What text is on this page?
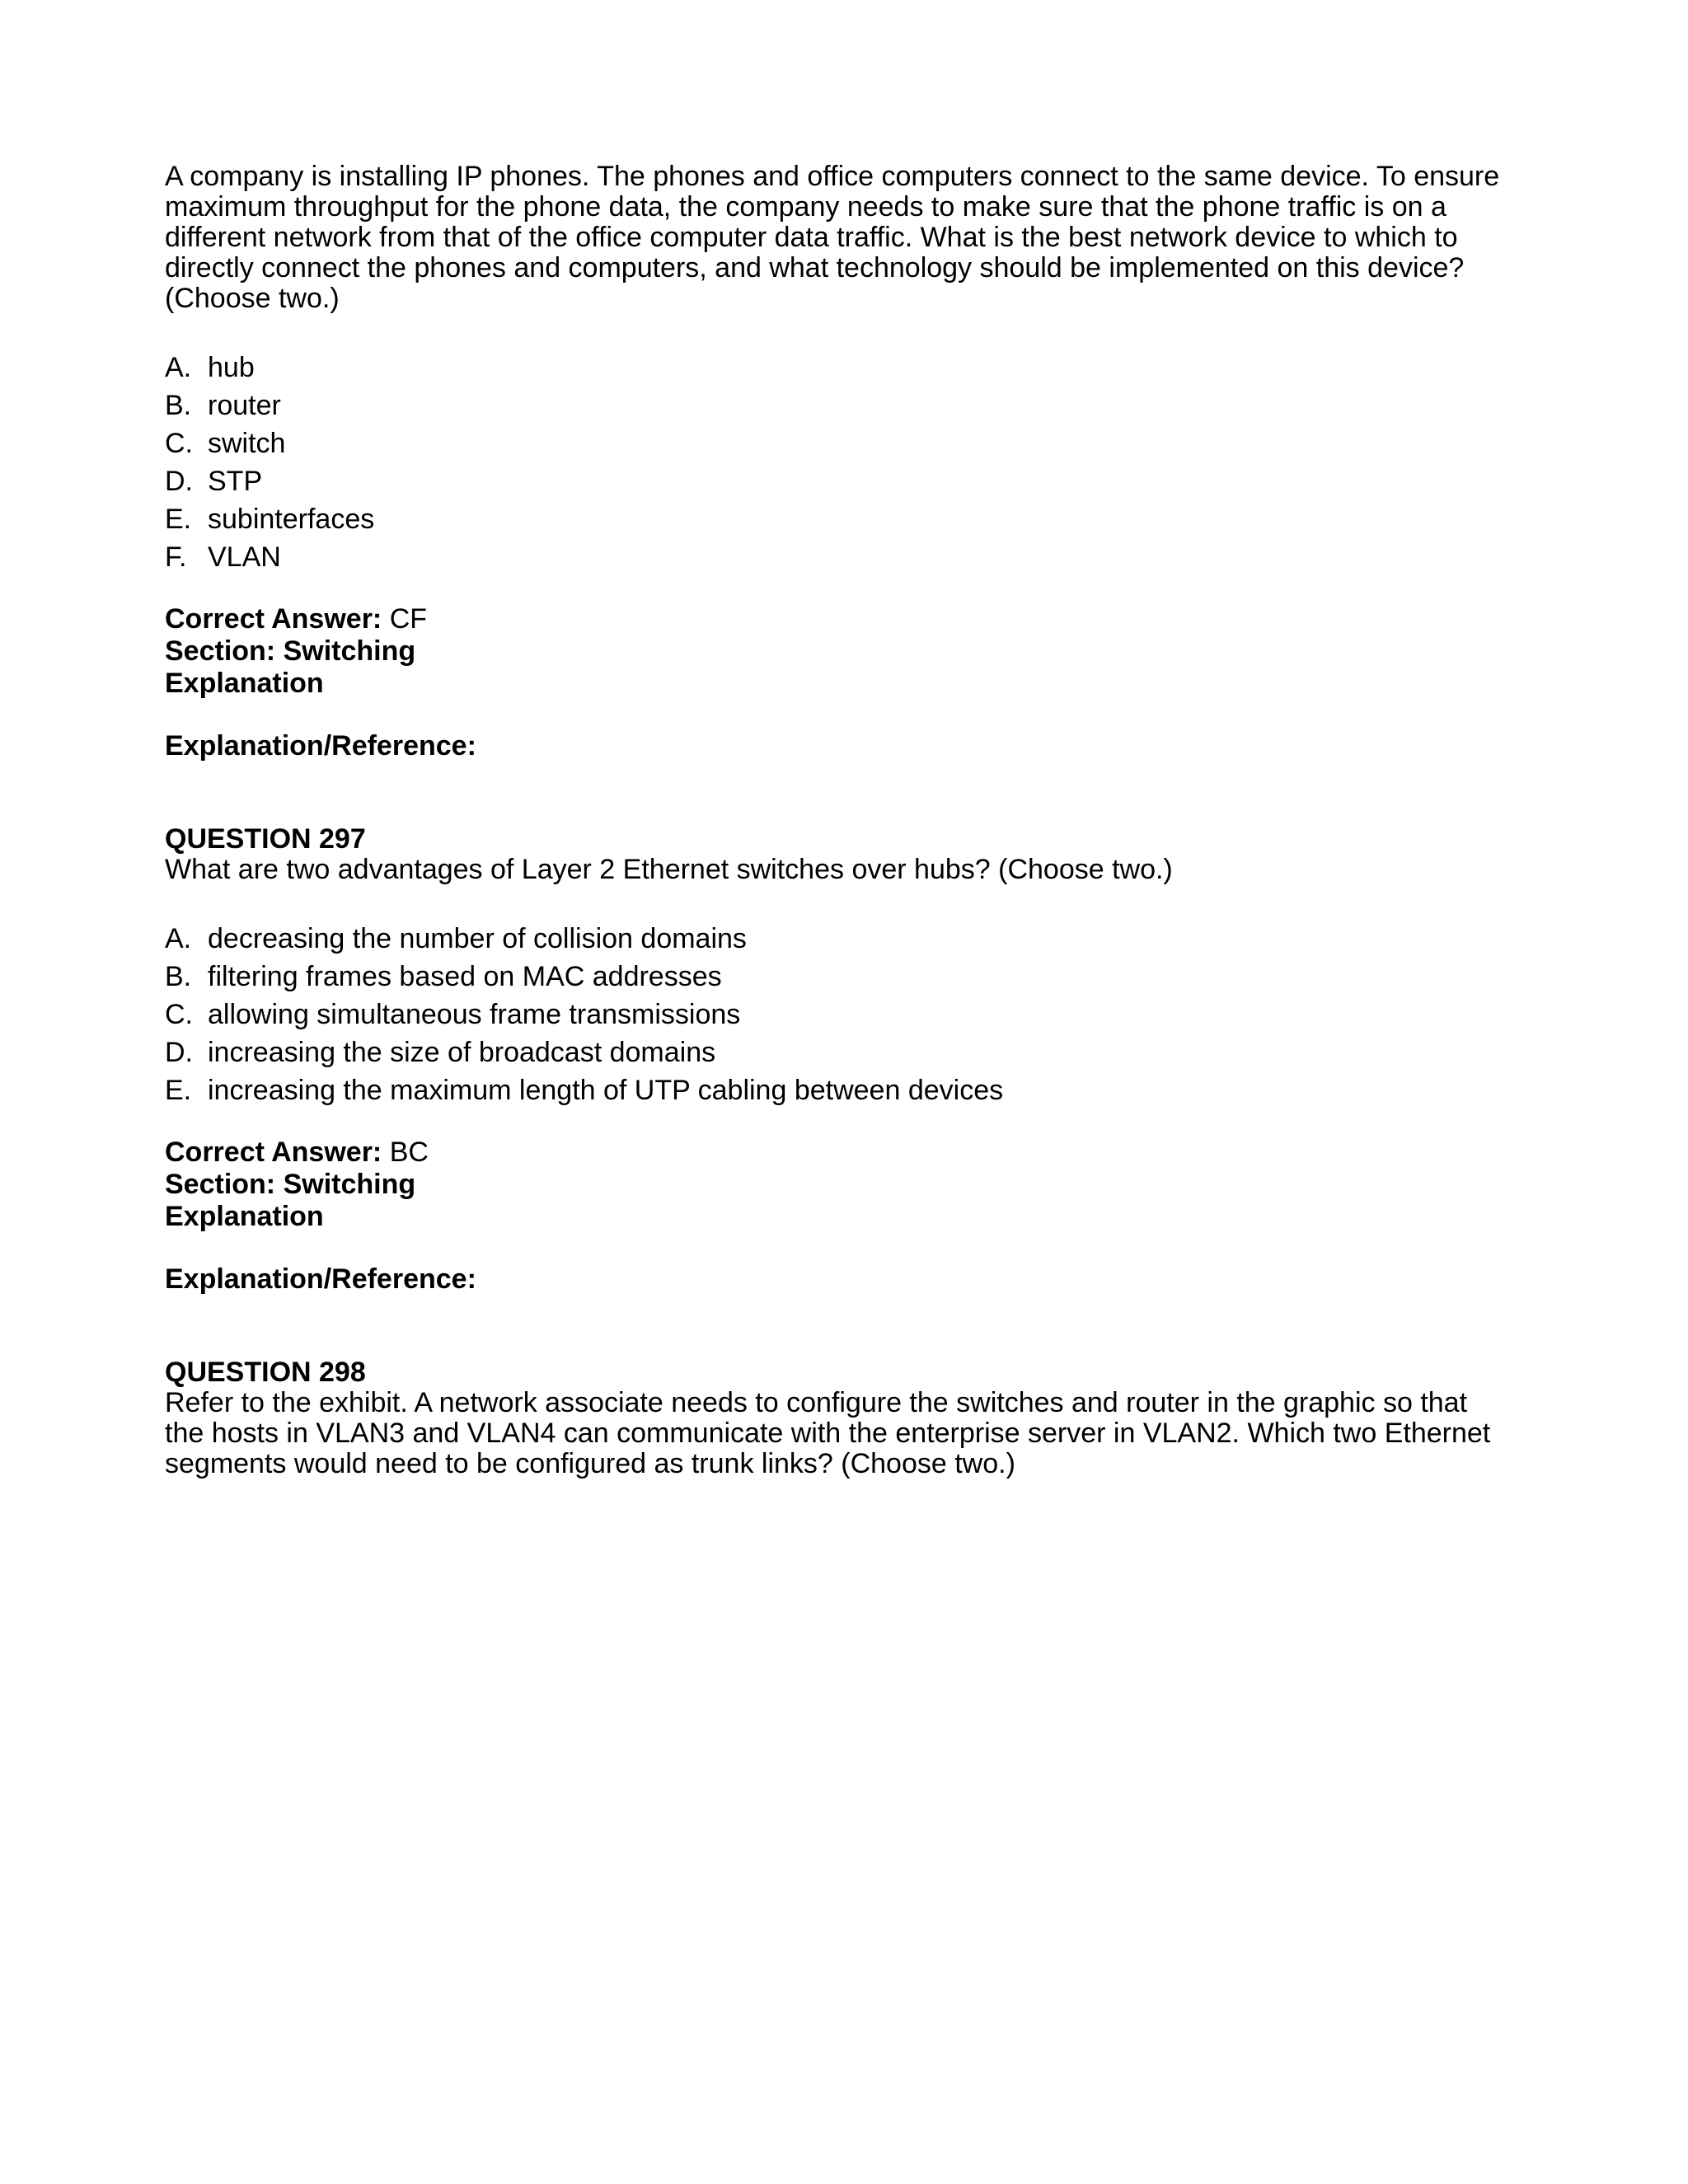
A company is installing IP phones. The phones and office computers connect to the same device. To ensure maximum throughput for the phone data, the company needs to make sure that the phone traffic is on a different network from that of the office computer data traffic. What is the best network device to which to directly connect the phones and computers, and what technology should be implemented on this device? (Choose two.)

A. hub
B. router
C. switch
D. STP
E. subinterfaces
F. VLAN
Correct Answer: CF
Section: Switching
Explanation
Explanation/Reference:
QUESTION 297

What are two advantages of Layer 2 Ethernet switches over hubs? (Choose two.)

A. decreasing the number of collision domains
B. filtering frames based on MAC addresses
C. allowing simultaneous frame transmissions
D. increasing the size of broadcast domains
E. increasing the maximum length of UTP cabling between devices
Correct Answer: BC
Section: Switching
Explanation
Explanation/Reference:
QUESTION 298

Refer to the exhibit. A network associate needs to configure the switches and router in the graphic so that the hosts in VLAN3 and VLAN4 can communicate with the enterprise server in VLAN2. Which two Ethernet segments would need to be configured as trunk links? (Choose two.)
